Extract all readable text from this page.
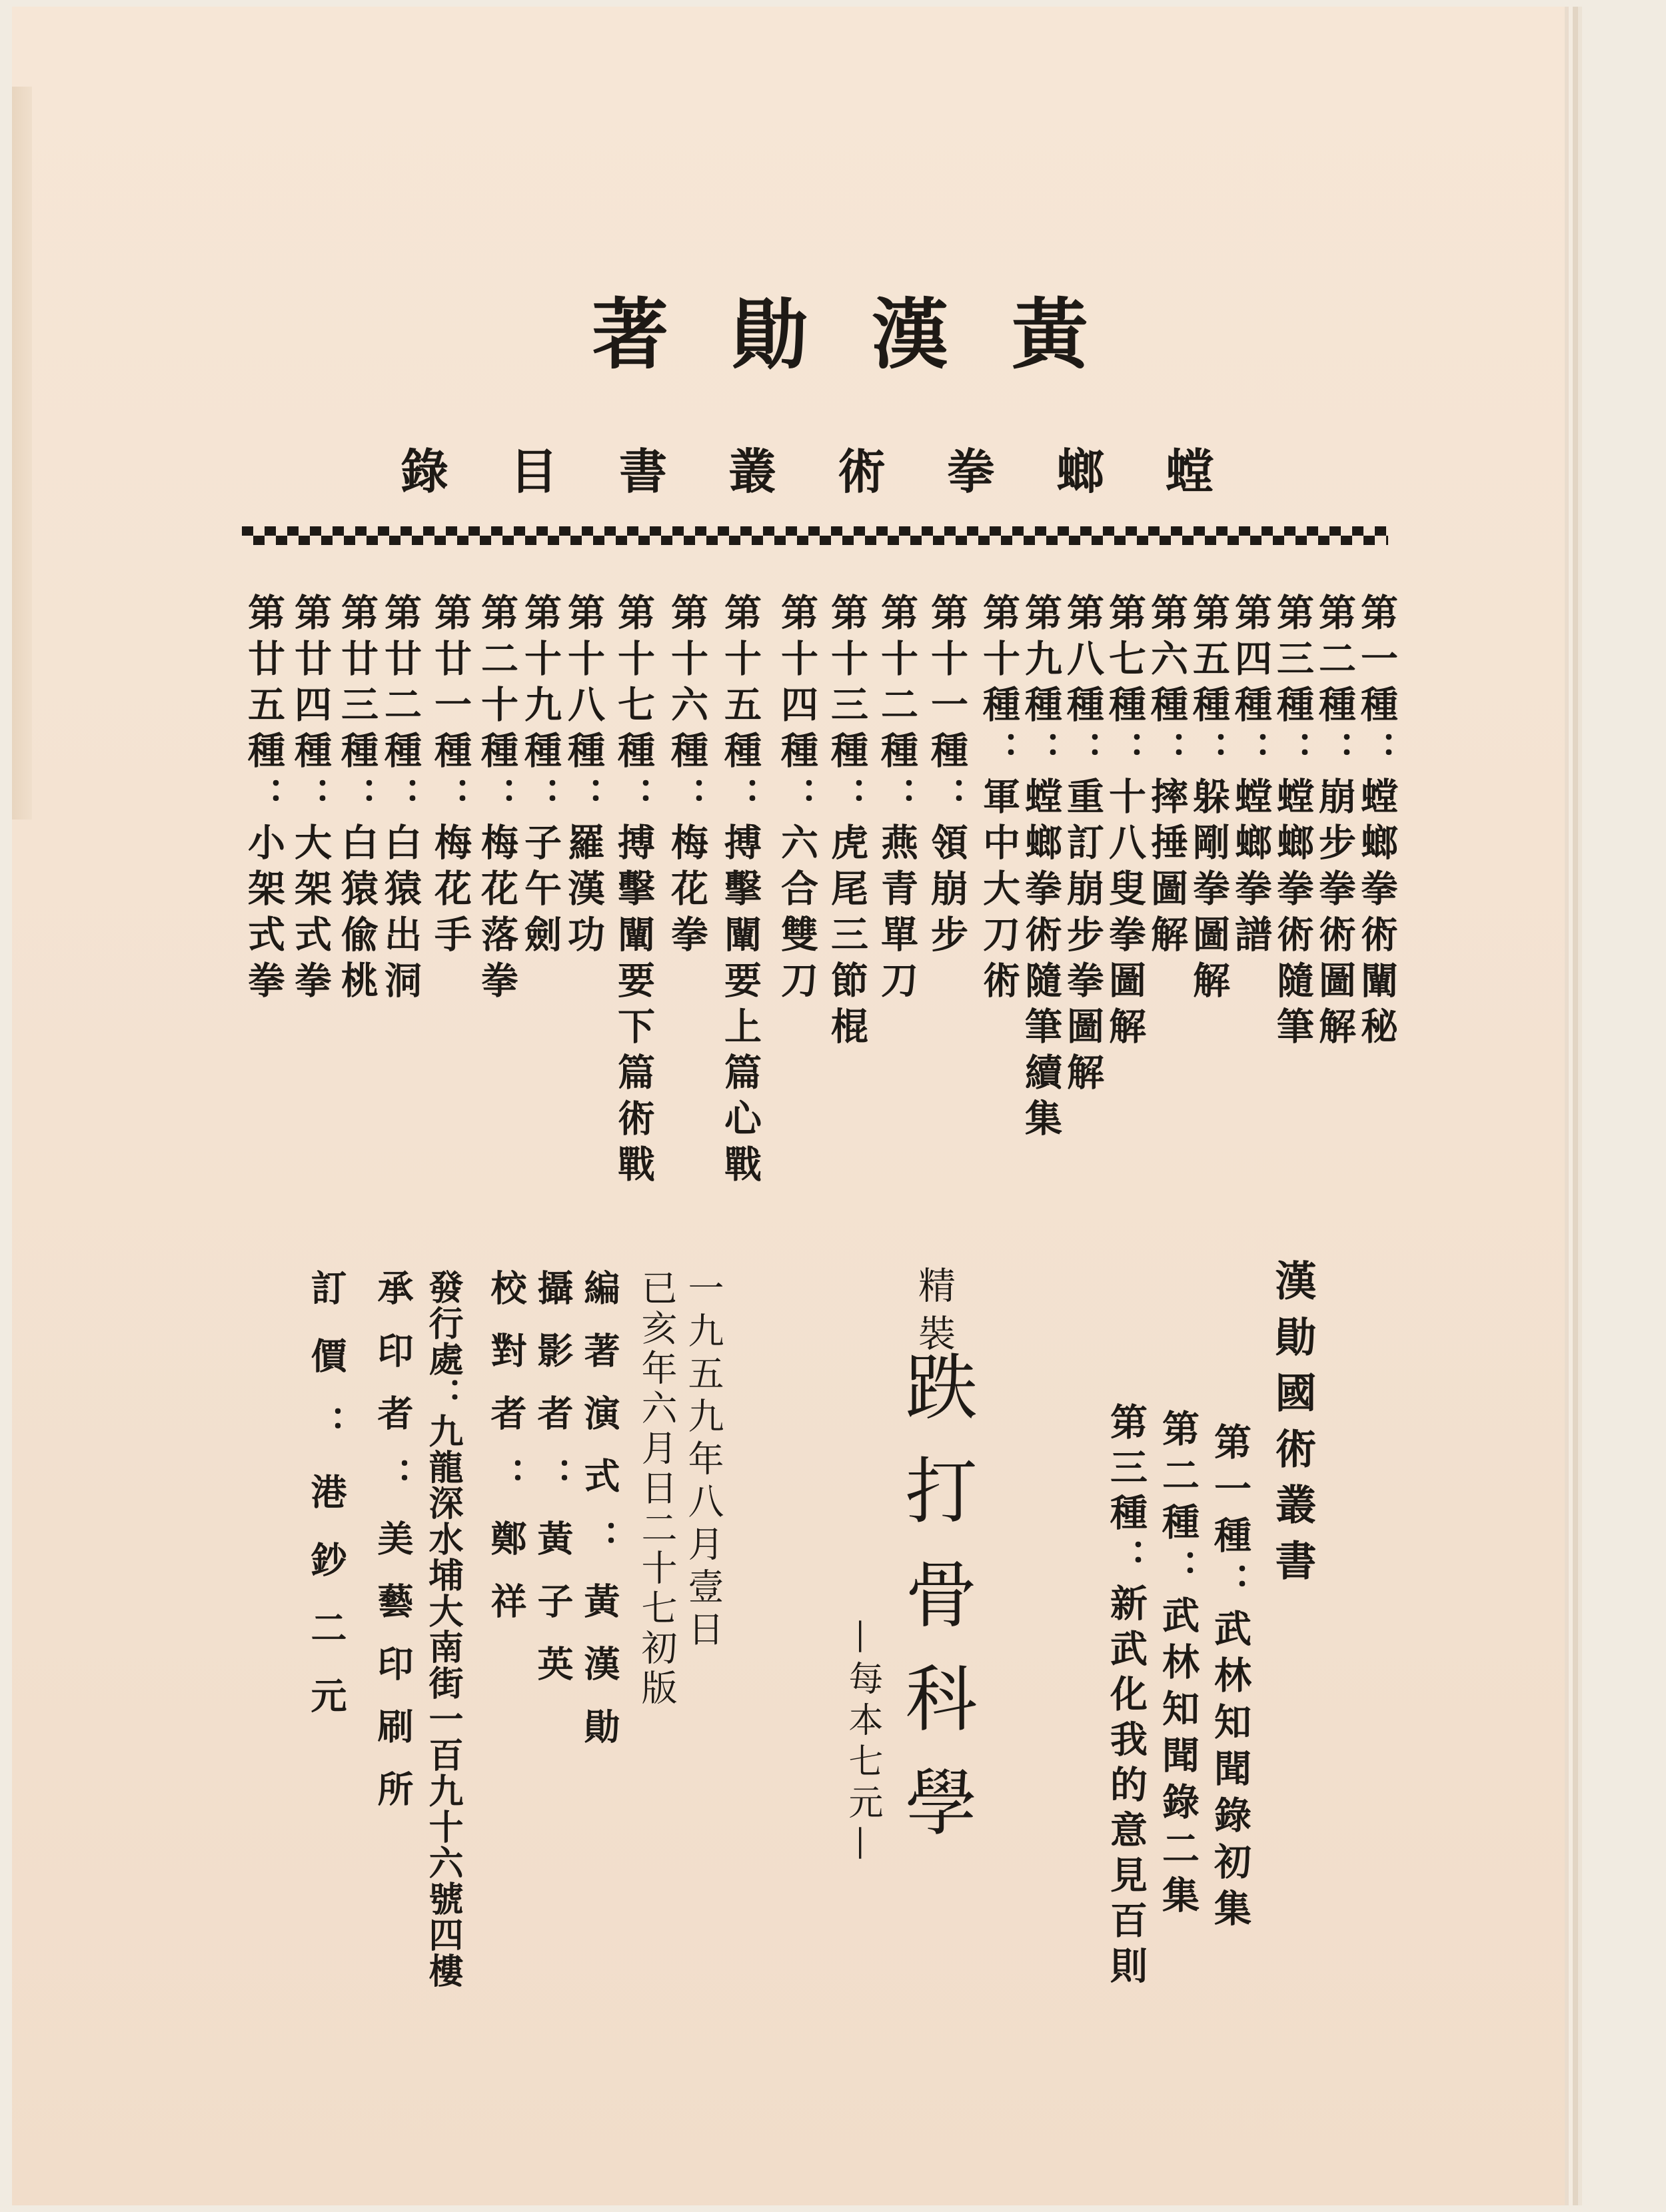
黃漢勛著
螳螂拳術叢書目錄
第一種：螳螂拳術闡秘
第二種：崩步拳術圖解
第三種：螳螂拳術隨筆
第四種：螳螂拳譜
第五種：躲剛拳圖解
第六種：摔捶圖解
第七種：十八叟拳圖解
第八種：重訂崩步拳圖解
第九種：螳螂拳術隨筆續集
第十種：軍中大刀術
第十一種：領崩步
第十二種：燕青單刀
第十三種：虎尾三節棍
第十四種：六合雙刀
第十五種：搏擊闡要上篇心戰
第十六種：梅花拳
第十七種：搏擊闡要下篇術戰
第十八種：羅漢功
第十九種：子午劍
第二十種：梅花落拳
第廿一種：梅花手
第廿二種：白猿出洞
第廿三種：白猿偸桃
第廿四種：大架式拳
第廿五種：小架式拳
漢勛國術叢書
第一種：武林知聞錄初集
第二種：武林知聞錄二集
第三種：新武化我的意見百則
精裝
跌打骨科學
—每本七元—
一九五九年八月壹日
已亥年六月日二十七初版
編著演式：黃漢勛
攝影者：黃子英
校對者：鄭祥
發行處：九龍深水埔大南街一百九十六號四樓
承印者：美藝印刷所
訂價：港鈔二元
